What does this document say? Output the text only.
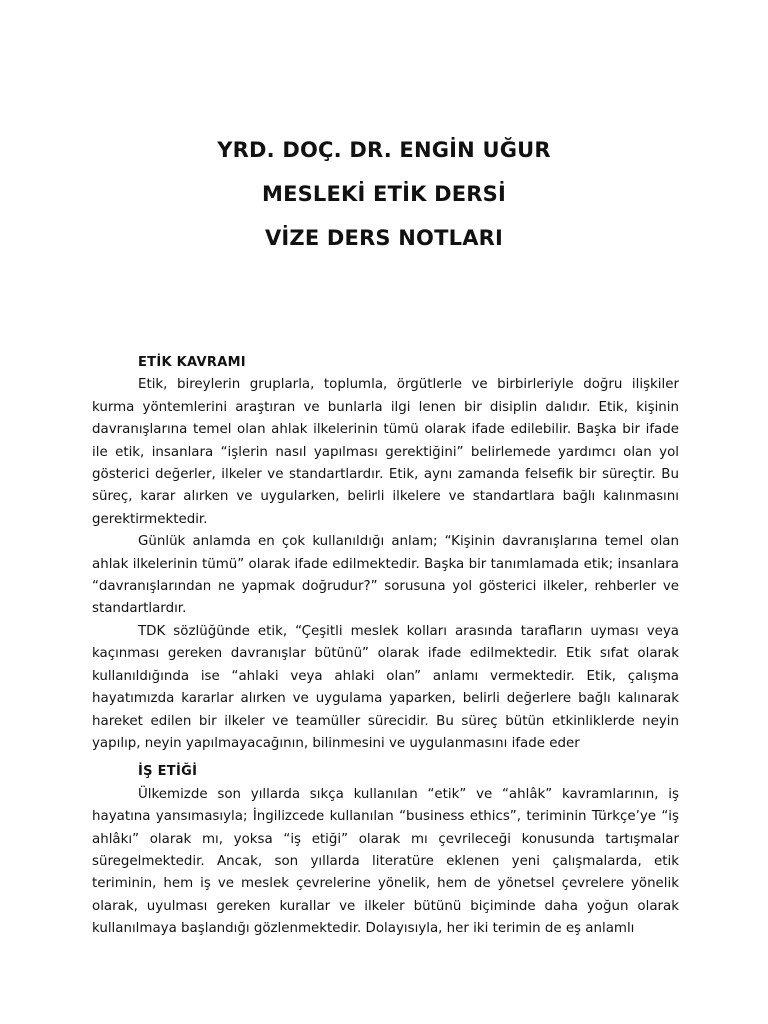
YRD. DOÇ. DR. ENGİN UĞUR
MESLEKİ ETİK DERSİ
VİZE DERS NOTLARI
ETİK KAVRAMI

Etik, bireylerin gruplarla, toplumla, örgütlerle ve birbirleriyle doğru ilişkiler kurma yöntemlerini araştıran ve bunlarla ilgi lenen bir disiplin dalıdır. Etik, kişinin davranışlarına temel olan ahlak ilkelerinin tümü olarak ifade edilebilir. Başka bir ifade ile etik, insanlara “işlerin nasıl yapılması gerektiğini” belirlemede yardımcı olan yol gösterici değerler, ilkeler ve standartlardır. Etik, aynı zamanda felsefik bir süreçtir. Bu süreç, karar alırken ve uygularken, belirli ilkelere ve standartlara bağlı kalınmasını gerektirmektedir.

Günlük anlamda en çok kullanıldığı anlam; “Kişinin davranışlarına temel olan ahlak ilkelerinin tümü” olarak ifade edilmektedir. Başka bir tanımlamada etik; insanlara “davranışlarından ne yapmak doğrudur?” sorusuna yol gösterici ilkeler, rehberler ve standartlardır.

TDK sözlüğünde etik, “Çeşitli meslek kolları arasında tarafların uyması veya kaçınması gereken davranışlar bütünü” olarak ifade edilmektedir. Etik sıfat olarak kullanıldığında ise “ahlaki veya ahlaki olan” anlamı vermektedir. Etik, çalışma hayatımızda kararlar alırken ve uygulama yaparken, belirli değerlere bağlı kalınarak hareket edilen bir ilkeler ve teamüller sürecidir. Bu süreç bütün etkinliklerde neyin yapılıp, neyin yapılmayacağının, bilinmesini ve uygulanmasını ifade eder

İŞ ETİĞİ

Ülkemizde son yıllarda sıkça kullanılan “etik” ve “ahlâk” kavramlarının, iş hayatına yansımasıyla; İngilizcede kullanılan “business ethics”, teriminin Türkçe’ye “iş ahlâkı” olarak mı, yoksa “iş etiği” olarak mı çevrileceği konusunda tartışmalar süregelmektedir. Ancak, son yıllarda literatüre eklenen yeni çalışmalarda, etik teriminin, hem iş ve meslek çevrelerine yönelik, hem de yönetsel çevrelere yönelik olarak, uyulması gereken kurallar ve ilkeler bütünü biçiminde daha yoğun olarak kullanılmaya başlandığı gözlenmektedir. Dolayısıyla, her iki terimin de eş anlamlı
